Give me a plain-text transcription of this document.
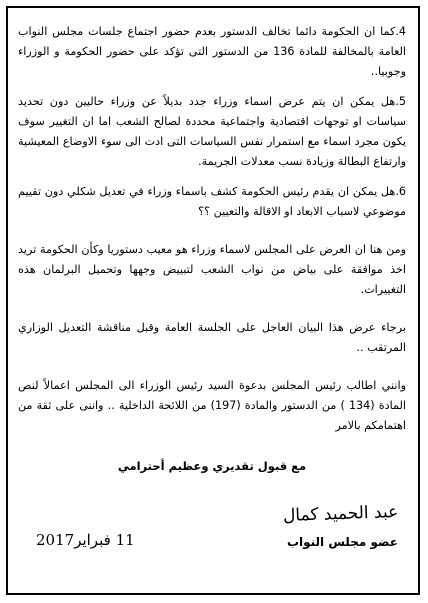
4.كما ان الحكومة دائما تخالف الدستور بعدم حضور اجتماع جلسات مجلس النواب العامة بالمخالفة للمادة 136 من الدستور التى تؤكد على حضور الحكومة و الوزراء وجوبيا..

5.هل يمكن ان يتم عرض اسماء وزراء جدد بديلاً عن وزراء حاليين دون تحديد سياسات او توجهات اقتصادية واجتماعية محددة لصالح الشعب اما ان التغيير سوف يكون مجرد اسماء مع استمرار نفس السياسات التى ادت الى سوء الاوضاع المعيشية وارتفاع البطالة وزيادة نسب معدلات الجريمة.

6.هل يمكن ان يقدم رئيس الحكومة كشف باسماء وزراء في تعديل شكلي دون تقييم موضوعي لاسباب الابعاد او الاقالة والتعيين ؟؟

ومن هنا ان العرض على المجلس لاسماء وزراء هو معيب دستوريا وكأن الحكومة تريد اخذ موافقة على بياض من نواب الشعب لتبييض وجهها وتحميل البرلمان هذه التغييرات.

برجاء عرض هذا البيان العاجل على الجلسة العامة وقبل مناقشة التعديل الوزاري المرتقب ..

وانني اطالب رئيس المجلس بدعوة السيد رئيس الوزراء الى المجلس اعمالاً لنص المادة (134 ) من الدستور والمادة (197) من اللائحة الداخلية .. واننى على ثقة من اهتمامكم بالامر

مع قبول تقديري وعظيم أحترامي

عبد الحميد كمال
عضو مجلس النواب
11 فبراير2017
